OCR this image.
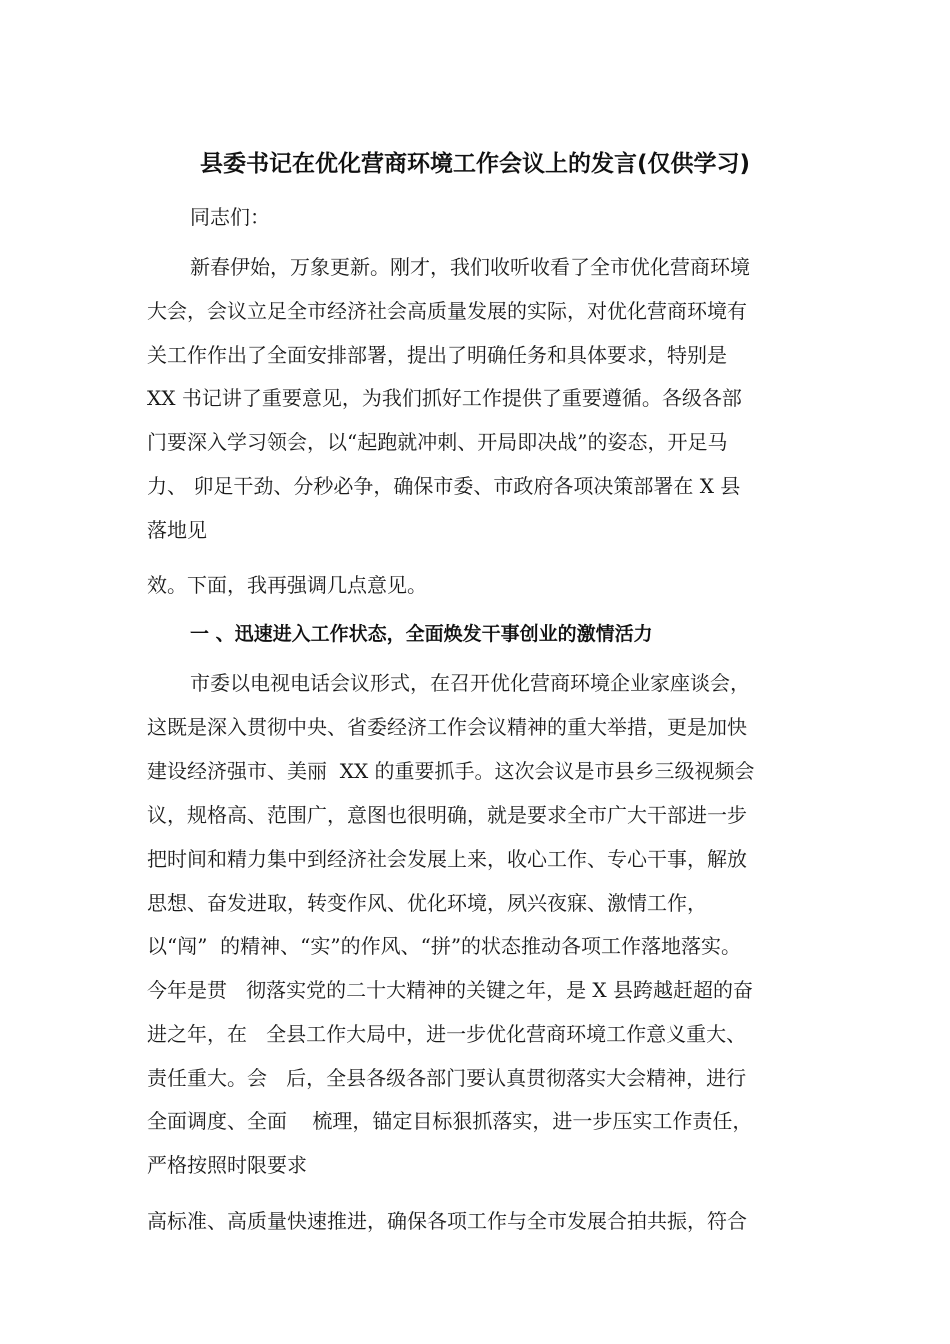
县委书记在优化营商环境工作会议上的发言(仅供学习)
同志们：
新春伊始，万象更新。刚才，我们收听收看了全市优化营商环境
大会，会议立足全市经济社会高质量发展的实际，对优化营商环境有
关工作作出了全面安排部署，提出了明确任务和具体要求，特别是
XX 书记讲了重要意见，为我们抓好工作提供了重要遵循。各级各部
门要深入学习领会，以“起跑就冲刺、开局即决战”的姿态，开足马
力、 卯足干劲、分秒必争，确保市委、市政府各项决策部署在 X 县
落地见
效。下面，我再强调几点意见。
一 、迅速进入工作状态，全面焕发干事创业的激情活力
市委以电视电话会议形式，在召开优化营商环境企业家座谈会，
这既是深入贯彻中央、省委经济工作会议精神的重大举措，更是加快
建设经济强市、美丽  XX 的重要抓手。这次会议是市县乡三级视频会
议，规格高、范围广，意图也很明确，就是要求全市广大干部进一步
把时间和精力集中到经济社会发展上来，收心工作、专心干事，解放
思想、奋发进取，转变作风、优化环境，夙兴夜寐、激情工作，
以“闯”  的精神、“实”的作风、“拼”的状态推动各项工作落地落实。
今年是贯   彻落实党的二十大精神的关键之年，是 X 县跨越赶超的奋
进之年，在   全县工作大局中，进一步优化营商环境工作意义重大、
责任重大。会   后，全县各级各部门要认真贯彻落实大会精神，进行
全面调度、全面    梳理，锚定目标狠抓落实，进一步压实工作责任，
严格按照时限要求
高标准、高质量快速推进，确保各项工作与全市发展合拍共振，符合
